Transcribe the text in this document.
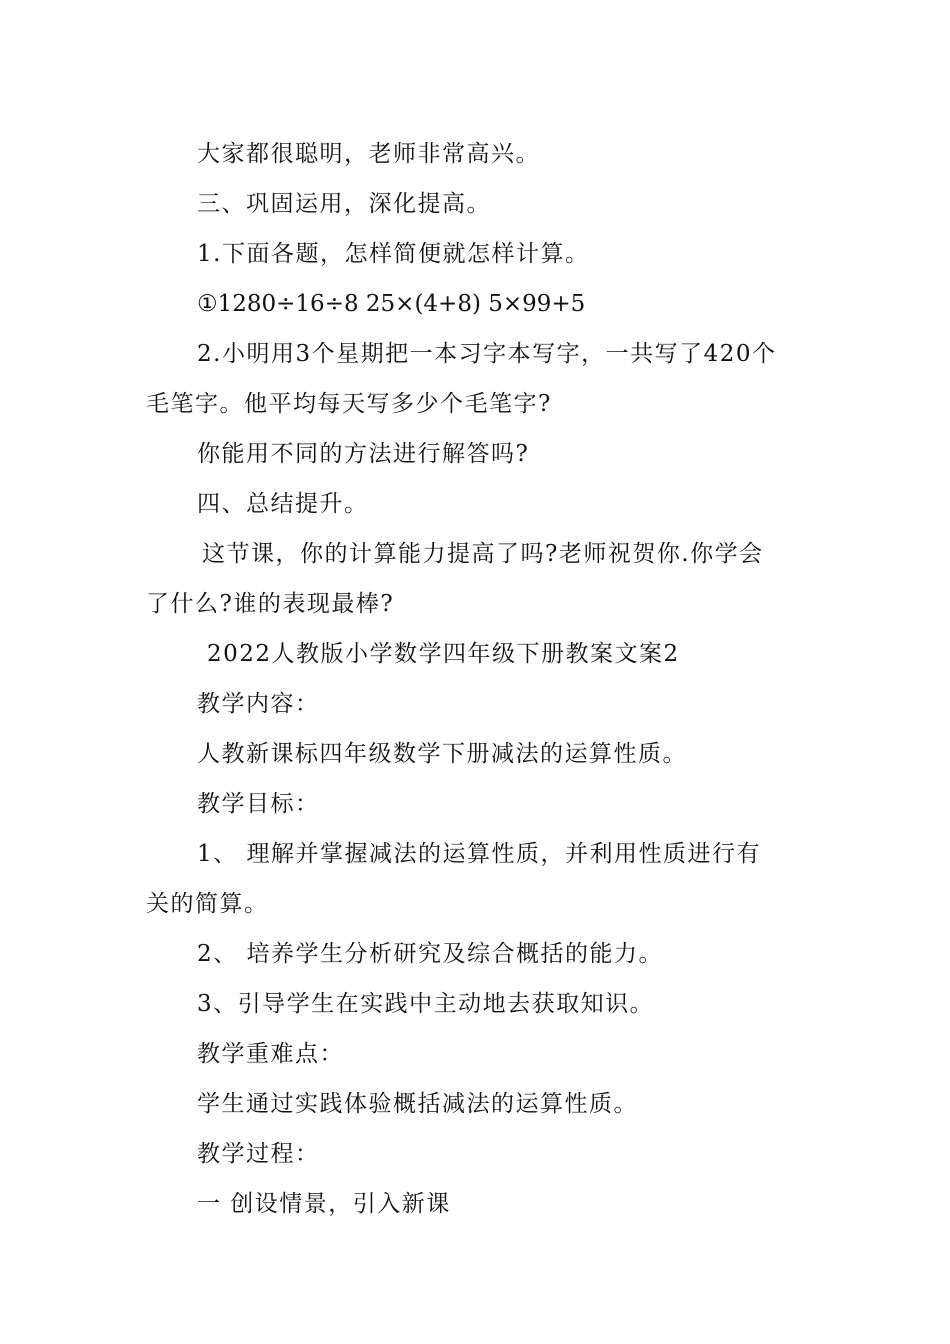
大家都很聪明，老师非常高兴。
三、巩固运用，深化提高。
1.下面各题，怎样简便就怎样计算。
①1280÷16÷8 25×(4+8) 5×99+5
2.小明用3个星期把一本习字本写字，一共写了420个
毛笔字。他平均每天写多少个毛笔字?
你能用不同的方法进行解答吗?
四、总结提升。
这节课，你的计算能力提高了吗?老师祝贺你.你学会
了什么?谁的表现最棒?
2022人教版小学数学四年级下册教案文案2
教学内容：
人教新课标四年级数学下册减法的运算性质。
教学目标：
1、 理解并掌握减法的运算性质，并利用性质进行有
关的简算。
2、 培养学生分析研究及综合概括的能力。
3、引导学生在实践中主动地去获取知识。
教学重难点：
学生通过实践体验概括减法的运算性质。
教学过程：
一 创设情景，引入新课
